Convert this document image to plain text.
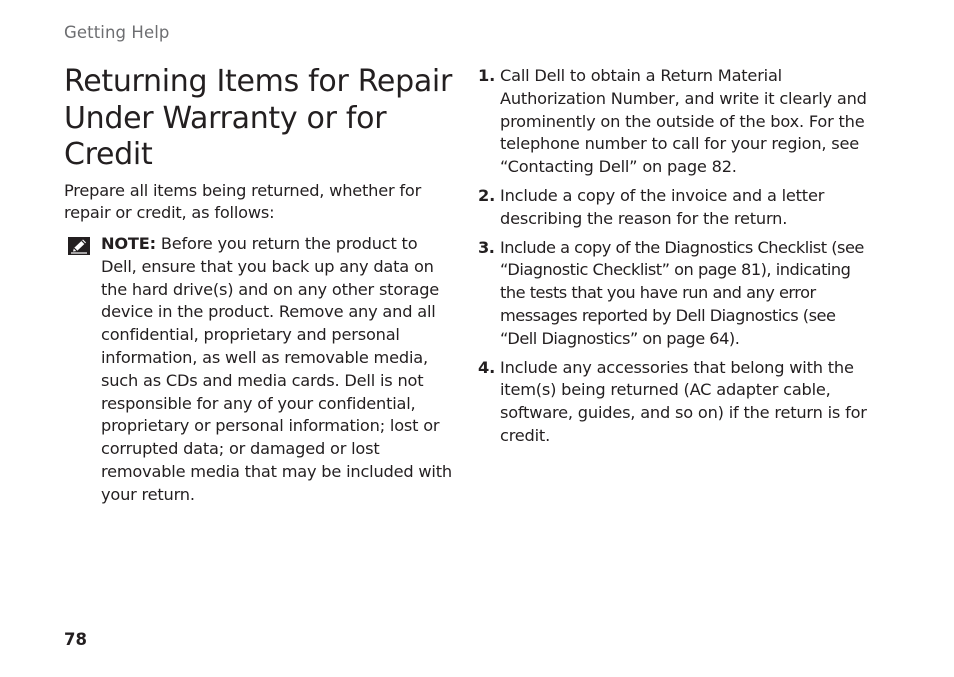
Getting Help
Returning Items for Repair Under Warranty or for Credit

Prepare all items being returned, whether for repair or credit, as follows:

NOTE: Before you return the product to Dell, ensure that you back up any data on the hard drive(s) and on any other storage device in the product. Remove any and all confidential, proprietary and personal information, as well as removable media, such as CDs and media cards. Dell is not responsible for any of your confidential, proprietary or personal information; lost or corrupted data; or damaged or lost removable media that may be included with your return.
1. Call Dell to obtain a Return Material Authorization Number, and write it clearly and prominently on the outside of the box. For the telephone number to call for your region, see “Contacting Dell” on page 82.
2. Include a copy of the invoice and a letter describing the reason for the return.
3. Include a copy of the Diagnostics Checklist (see “Diagnostic Checklist” on page 81), indicating the tests that you have run and any error messages reported by Dell Diagnostics (see “Dell Diagnostics” on page 64).
4. Include any accessories that belong with the item(s) being returned (AC adapter cable, software, guides, and so on) if the return is for credit.
78
